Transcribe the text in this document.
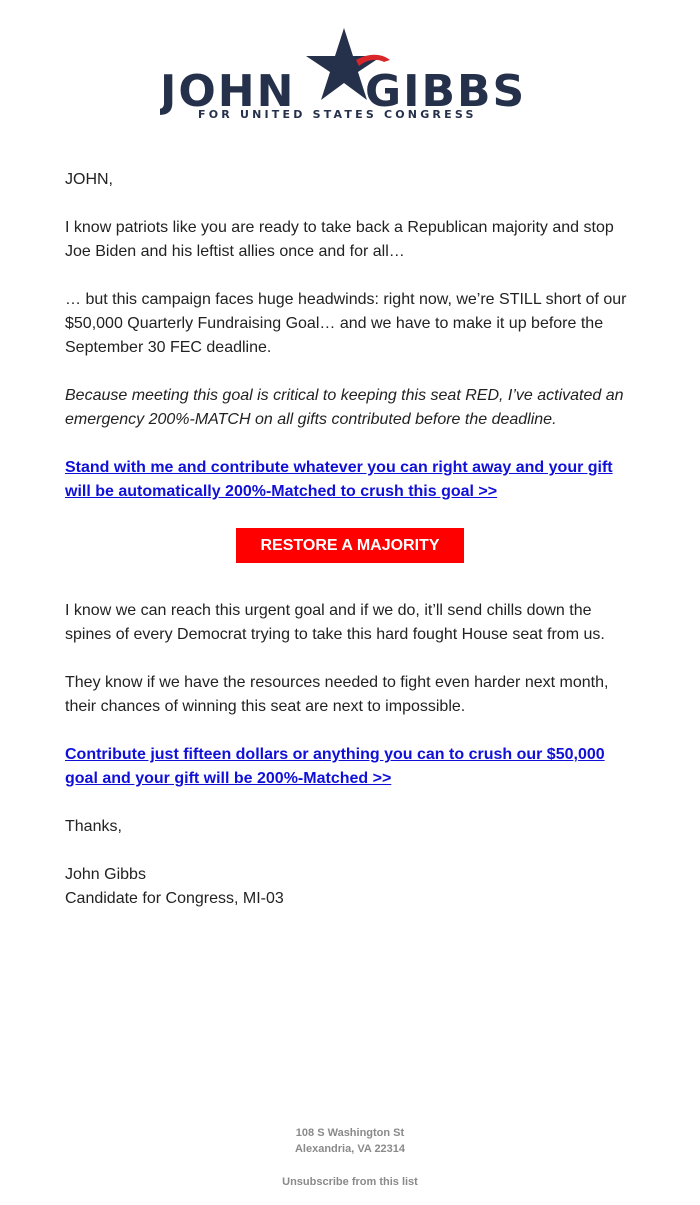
JOHN GIBBS
FOR UNITED STATES CONGRESS

JOHN,

I know patriots like you are ready to take back a Republican majority and stop Joe Biden and his leftist allies once and for all…

… but this campaign faces huge headwinds: right now, we’re STILL short of our $50,000 Quarterly Fundraising Goal… and we have to make it up before the September 30 FEC deadline.

Because meeting this goal is critical to keeping this seat RED, I’ve activated an emergency 200%-MATCH on all gifts contributed before the deadline.

Stand with me and contribute whatever you can right away and your gift will be automatically 200%-Matched to crush this goal >>
RESTORE A MAJORITY

I know we can reach this urgent goal and if we do, it’ll send chills down the spines of every Democrat trying to take this hard fought House seat from us.

They know if we have the resources needed to fight even harder next month, their chances of winning this seat are next to impossible.

Contribute just fifteen dollars or anything you can to crush our $50,000 goal and your gift will be 200%-Matched >>

Thanks,

John Gibbs

Candidate for Congress, MI-03

108 S Washington St
Alexandria, VA 22314
Unsubscribe from this list
